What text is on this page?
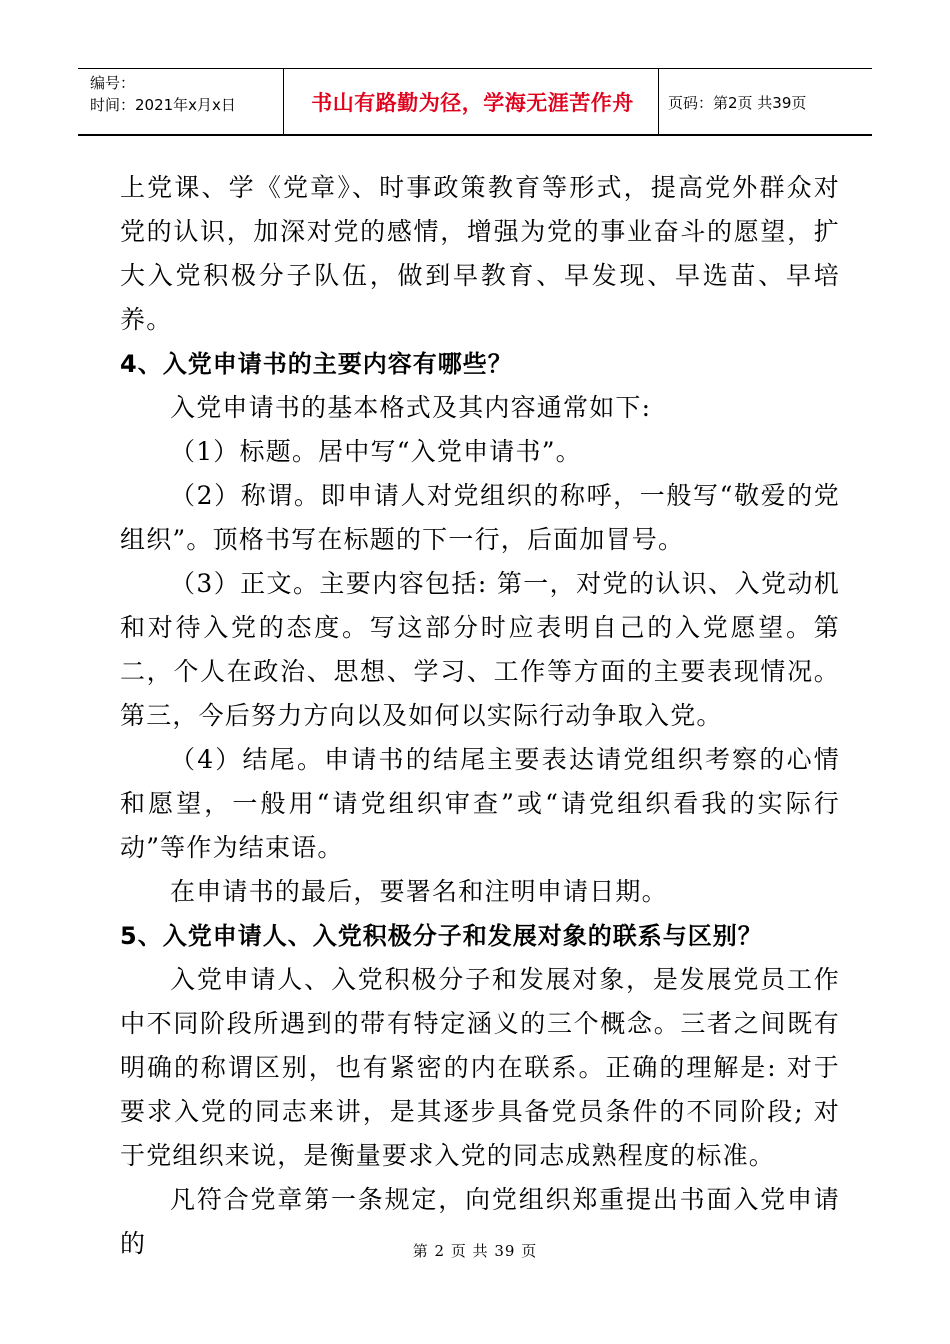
编号：
时间：2021年x月x日	书山有路勤为径，学海无涯苦作舟	页码：第2页 共39页

上党课、学《党章》、时事政策教育等形式，提高党外群众对党的认识，加深对党的感情，增强为党的事业奋斗的愿望，扩大入党积极分子队伍，做到早教育、早发现、早选苗、早培养。

4、入党申请书的主要内容有哪些？

入党申请书的基本格式及其内容通常如下:

（1）标题。居中写“入党申请书”。

（2）称谓。即申请人对党组织的称呼，一般写“敬爱的党组织”。顶格书写在标题的下一行，后面加冒号。

（3）正文。主要内容包括: 第一，对党的认识、入党动机和对待入党的态度。写这部分时应表明自己的入党愿望。第二，个人在政治、思想、学习、工作等方面的主要表现情况。第三，今后努力方向以及如何以实际行动争取入党。

（4）结尾。申请书的结尾主要表达请党组织考察的心情和愿望，一般用“请党组织审查”或“请党组织看我的实际行动”等作为结束语。

在申请书的最后，要署名和注明申请日期。

5、入党申请人、入党积极分子和发展对象的联系与区别？

入党申请人、入党积极分子和发展对象，是发展党员工作中不同阶段所遇到的带有特定涵义的三个概念。三者之间既有明确的称谓区别，也有紧密的内在联系。正确的理解是: 对于要求入党的同志来讲，是其逐步具备党员条件的不同阶段; 对于党组织来说，是衡量要求入党的同志成熟程度的标准。

凡符合党章第一条规定，向党组织郑重提出书面入党申请的	第 2 页 共 39 页
